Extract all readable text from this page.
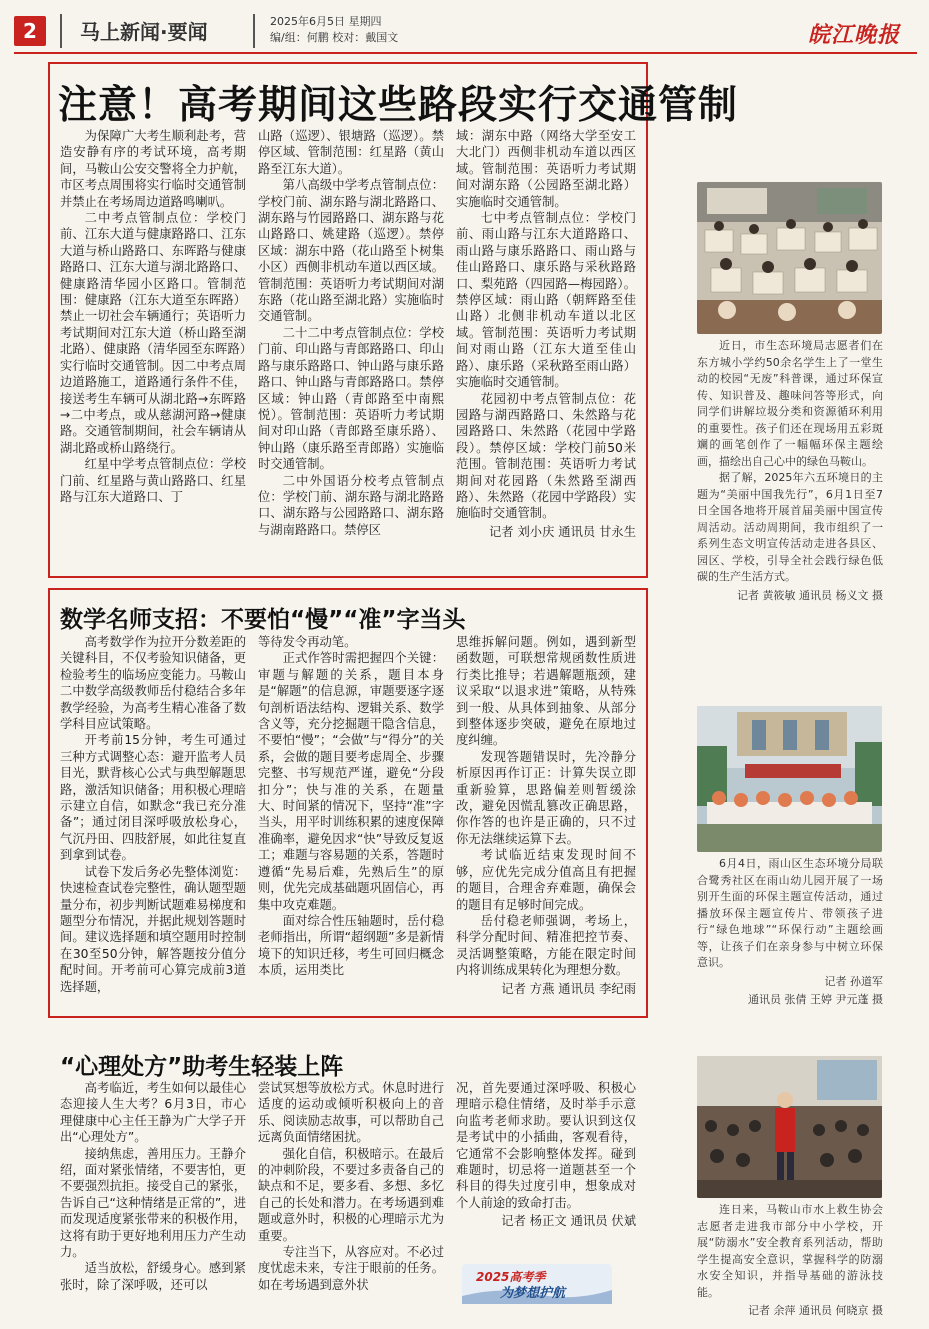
2	马上新闻·要闻	2025年6月5日 星期四
编/组：何鹏 校对：戴国文	皖江晚报
注意！高考期间这些路段实行交通管制

为保障广大考生顺利赴考，营造安静有序的考试环境，高考期间，马鞍山公安交警将全力护航，市区考点周围将实行临时交通管制并禁止在考场周边道路鸣喇叭。

二中考点管制点位：学校门前、江东大道与健康路路口、江东大道与桥山路路口、东晖路与健康路路口、江东大道与湖北路路口、健康路清华园小区路口。管制范围：健康路（江东大道至东晖路）禁止一切社会车辆通行；英语听力考试期间对江东大道（桥山路至湖北路）、健康路（清华园至东晖路）实行临时交通管制。因二中考点周边道路施工，道路通行条件不佳，接送考生车辆可从湖北路→东晖路→二中考点，或从慈湖河路→健康路。交通管制期间，社会车辆请从湖北路或桥山路绕行。

红星中学考点管制点位：学校门前、红星路与黄山路路口、红星路与江东大道路口、丁

山路（巡逻）、银塘路（巡逻）。禁停区域、管制范围：红星路（黄山路至江东大道）。

第八高级中学考点管制点位：学校门前、湖东路与湖北路路口、湖东路与竹园路路口、湖东路与花山路路口、姚建路（巡逻）。禁停区域：湖东中路（花山路至卜树集小区）西侧非机动车道以西区域。管制范围：英语听力考试期间对湖东路（花山路至湖北路）实施临时交通管制。

二十二中考点管制点位：学校门前、印山路与青郎路路口、印山路与康乐路路口、钟山路与康乐路路口、钟山路与青郎路路口。禁停区域：钟山路（青郎路至中南熙悦）。管制范围：英语听力考试期间对印山路（青郎路至康乐路）、钟山路（康乐路至青郎路）实施临时交通管制。

二中外国语分校考点管制点位：学校门前、湖东路与湖北路路口、湖东路与公园路路口、湖东路与湖南路路口。禁停区

域：湖东中路（网络大学至安工大北门）西侧非机动车道以西区域。管制范围：英语听力考试期间对湖东路（公园路至湖北路）实施临时交通管制。

七中考点管制点位：学校门前、雨山路与江东大道路路口、雨山路与康乐路路口、雨山路与佳山路路口、康乐路与采秋路路口、梨苑路（四园路—梅园路）。禁停区域：雨山路（朝辉路至佳山路）北侧非机动车道以北区域。管制范围：英语听力考试期间对雨山路（江东大道至佳山路）、康乐路（采秋路至雨山路）实施临时交通管制。

花园初中考点管制点位：花园路与湖西路路口、朱然路与花园路路口、朱然路（花园中学路段）。禁停区域：学校门前50米范围。管制范围：英语听力考试期间对花园路（朱然路至湖西路）、朱然路（花园中学路段）实施临时交通管制。

记者 刘小庆 通讯员 甘永生

数学名师支招：不要怕“慢”“准”字当头

高考数学作为拉开分数差距的关键科目，不仅考验知识储备，更检验考生的临场应变能力。马鞍山二中数学高级教师岳付稳结合多年教学经验，为高考生精心准备了数学科目应试策略。

开考前15分钟，考生可通过三种方式调整心态：避开监考人员目光，默背核心公式与典型解题思路，激活知识储备；用积极心理暗示建立自信，如默念“我已充分准备”；通过闭目深呼吸放松身心，气沉丹田、四肢舒展，如此往复直到拿到试卷。

试卷下发后务必先整体浏览：快速检查试卷完整性，确认题型题量分布，初步判断试题难易梯度和题型分布情况，并据此规划答题时间。建议选择题和填空题用时控制在30至50分钟，解答题按分值分配时间。开考前可心算完成前3道选择题，

等待发令再动笔。

正式作答时需把握四个关键：审题与解题的关系，题目本身是“解题”的信息源，审题要逐字逐句剖析语法结构、逻辑关系、数学含义等，充分挖掘题干隐含信息，不要怕“慢”；“会做”与“得分”的关系，会做的题目要考虑周全、步骤完整、书写规范严谨，避免“分段扣分”；快与准的关系，在题量大、时间紧的情况下，坚持“准”字当头，用平时训练积累的速度保障准确率，避免因求“快”导致反复返工；难题与容易题的关系，答题时遵循“先易后难，先熟后生”的原则，优先完成基础题巩固信心，再集中攻克难题。

面对综合性压轴题时，岳付稳老师指出，所谓“超纲题”多是新情境下的知识迁移，考生可回归概念本质，运用类比

思维拆解问题。例如，遇到新型函数题，可联想常规函数性质进行类比推导；若遇解题瓶颈，建议采取“以退求进”策略，从特殊到一般、从具体到抽象、从部分到整体逐步突破，避免在原地过度纠缠。

发现答题错误时，先冷静分析原因再作订正：计算失误立即重新验算，思路偏差则暂缓涂改，避免因慌乱篡改正确思路，你作答的也许是正确的，只不过你无法继续运算下去。

考试临近结束发现时间不够，应优先完成分值高且有把握的题目，合理舍弃难题，确保会的题目有足够时间完成。

岳付稳老师强调，考场上，科学分配时间、精准把控节奏、灵活调整策略，方能在限定时间内将训练成果转化为理想分数。

记者 方燕 通讯员 李纪雨

“心理处方”助考生轻装上阵

高考临近，考生如何以最佳心态迎接人生大考？6月3日，市心理健康中心主任王静为广大学子开出“心理处方”。

接纳焦虑，善用压力。王静介绍，面对紧张情绪，不要害怕，更不要强烈抗拒。接受自己的紧张，告诉自己“这种情绪是正常的”，进而发现适度紧张带来的积极作用，这将有助于更好地利用压力产生动力。

适当放松，舒缓身心。感到紧张时，除了深呼吸，还可以

尝试冥想等放松方式。休息时进行适度的运动或倾听积极向上的音乐、阅读励志故事，可以帮助自己远离负面情绪困扰。

强化自信，积极暗示。在最后的冲刺阶段，不要过多责备自己的缺点和不足，要多看、多想、多忆自己的长处和潜力。在考场遇到难题或意外时，积极的心理暗示尤为重要。

专注当下，从容应对。不必过度忧虑未来，专注于眼前的任务。如在考场遇到意外状

况，首先要通过深呼吸、积极心理暗示稳住情绪，及时举手示意向监考老师求助。要认识到这仅是考试中的小插曲，客观看待，它通常不会影响整体发挥。碰到难题时，切忌将一道题甚至一个科目的得失过度引申，想象成对个人前途的致命打击。

记者 杨正文 通讯员 伏斌

2025高考季
为梦想护航

近日，市生态环境局志愿者们在东方城小学约50余名学生上了一堂生动的校园“无废”科普课，通过环保宣传、知识普及、趣味问答等形式，向同学们讲解垃圾分类和资源循环利用的重要性。孩子们还在现场用五彩斑斓的画笔创作了一幅幅环保主题绘画，描绘出自己心中的绿色马鞍山。

据了解，2025年六五环境日的主题为“美丽中国我先行”，6月1日至7日全国各地将开展首届美丽中国宣传周活动。活动周期间，我市组织了一系列生态文明宣传活动走进各县区、园区、学校，引导全社会践行绿色低碳的生产生活方式。

记者 黄筱敏 通讯员 杨义文 摄

6月4日，雨山区生态环境分局联合鹭秀社区在雨山幼儿园开展了一场别开生面的环保主题宣传活动，通过播放环保主题宣传片、带领孩子进行“绿色地球”“环保行动”主题绘画等，让孩子们在亲身参与中树立环保意识。

记者 孙道军

通讯员 张倩 王婷 尹元蓬 摄

连日来，马鞍山市水上救生协会志愿者走进我市部分中小学校，开展“防溺水”安全教育系列活动，帮助学生提高安全意识，掌握科学的防溺水安全知识，并指导基础的游泳技能。

记者 余萍 通讯员 何晓京 摄
